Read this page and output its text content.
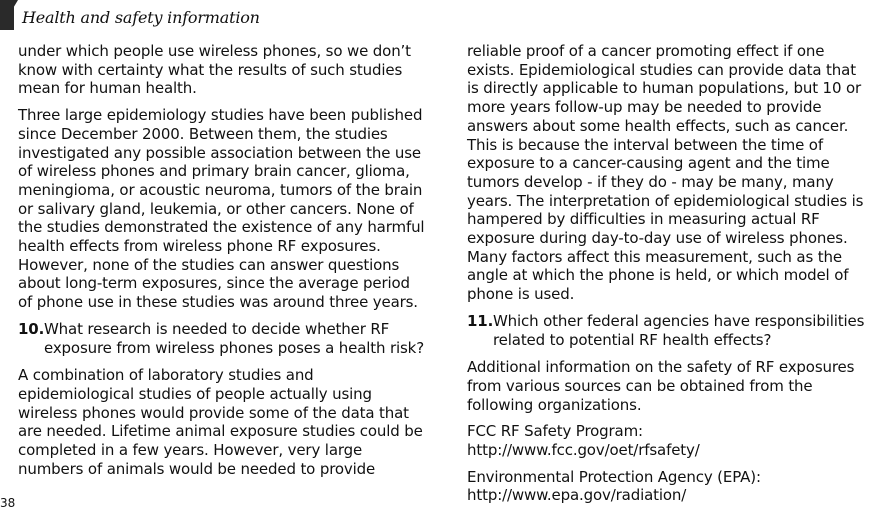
Health and safety information

under which people use wireless phones, so we don’t know with certainty what the results of such studies mean for human health.

Three large epidemiology studies have been published since December 2000. Between them, the studies investigated any possible association between the use of wireless phones and primary brain cancer, glioma, meningioma, or acoustic neuroma, tumors of the brain or salivary gland, leukemia, or other cancers. None of the studies demonstrated the existence of any harmful health effects from wireless phone RF exposures. However, none of the studies can answer questions about long-term exposures, since the average period of phone use in these studies was around three years.

10. What research is needed to decide whether RF exposure from wireless phones poses a health risk?

A combination of laboratory studies and epidemiological studies of people actually using wireless phones would provide some of the data that are needed. Lifetime animal exposure studies could be completed in a few years. However, very large numbers of animals would be needed to provide

reliable proof of a cancer promoting effect if one exists. Epidemiological studies can provide data that is directly applicable to human populations, but 10 or more years follow-up may be needed to provide answers about some health effects, such as cancer. This is because the interval between the time of exposure to a cancer-causing agent and the time tumors develop - if they do - may be many, many years. The interpretation of epidemiological studies is hampered by difficulties in measuring actual RF exposure during day-to-day use of wireless phones. Many factors affect this measurement, such as the angle at which the phone is held, or which model of phone is used.

11. Which other federal agencies have responsibilities related to potential RF health effects?

Additional information on the safety of RF exposures from various sources can be obtained from the following organizations.

FCC RF Safety Program:
http://www.fcc.gov/oet/rfsafety/

Environmental Protection Agency (EPA):
http://www.epa.gov/radiation/

38
